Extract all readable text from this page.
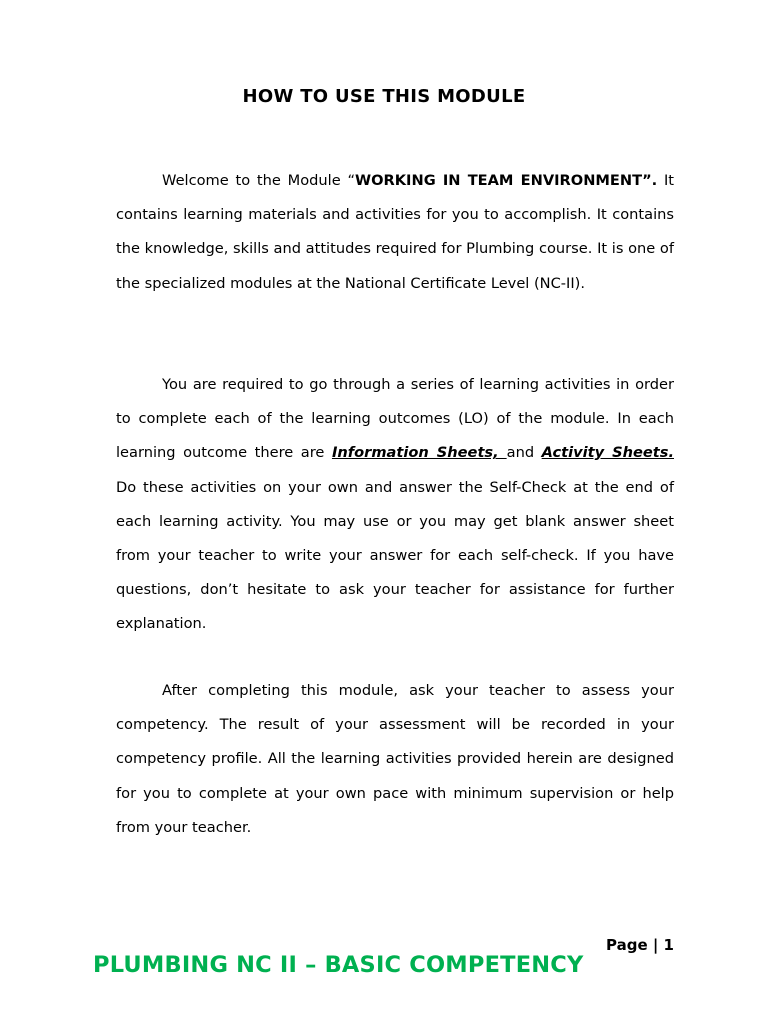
HOW TO USE THIS MODULE

Welcome to the Module “WORKING IN TEAM ENVIRONMENT”. It contains learning materials and activities for you to accomplish. It contains the knowledge, skills and attitudes required for Plumbing course. It is one of the specialized modules at the National Certificate Level (NC-II).

You are required to go through a series of learning activities in order to complete each of the learning outcomes (LO) of the module. In each learning outcome there are Information Sheets, and Activity Sheets. Do these activities on your own and answer the Self-Check at the end of each learning activity. You may use or you may get blank answer sheet from your teacher to write your answer for each self-check. If you have questions, don’t hesitate to ask your teacher for assistance for further explanation.

After completing this module, ask your teacher to assess your competency. The result of your assessment will be recorded in your competency profile. All the learning activities provided herein are designed for you to complete at your own pace with minimum supervision or help from your teacher.

Page | 1
PLUMBING NC II – BASIC COMPETENCY
